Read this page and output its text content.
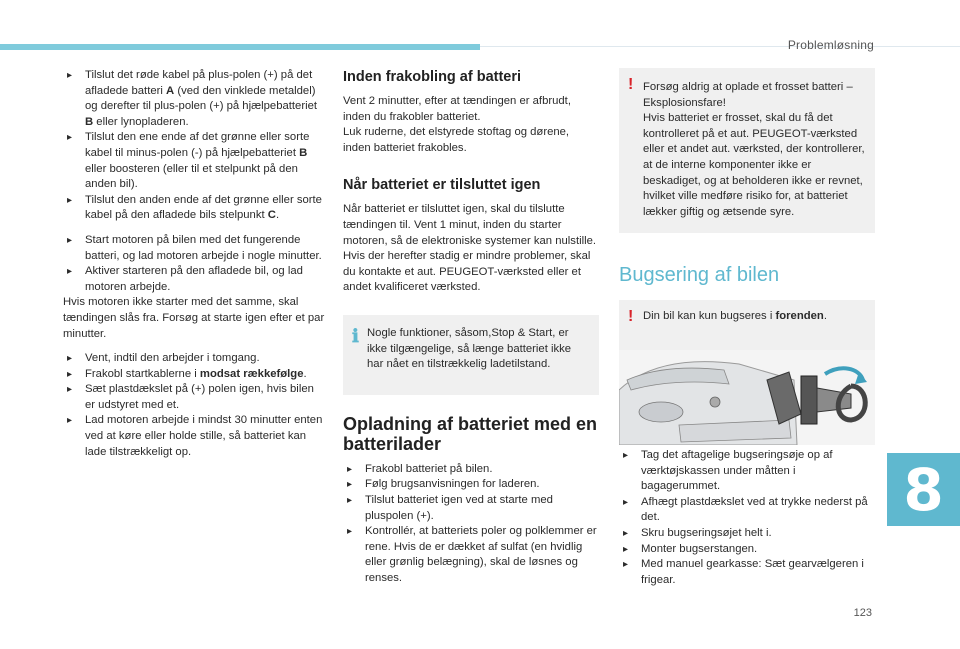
Problemløsning
▸ Tilslut det røde kabel på plus-polen (+) på det afladede batteri A (ved den vinklede metaldel) og derefter til plus-polen (+) på hjælpebatteriet B eller lynopladeren.
▸ Tilslut den ene ende af det grønne eller sorte kabel til minus-polen (-) på hjælpebatteriet B eller boosteren (eller til et stelpunkt på den anden bil).
▸ Tilslut den anden ende af det grønne eller sorte kabel på den afladede bils stelpunkt C.
▸ Start motoren på bilen med det fungerende batteri, og lad motoren arbejde i nogle minutter.
▸ Aktiver starteren på den afladede bil, og lad motoren arbejde.

Hvis motoren ikke starter med det samme, skal tændingen slås fra. Forsøg at starte igen efter et par minutter.

▸ Vent, indtil den arbejder i tomgang.
▸ Frakobl startkablerne i modsat rækkefølge.
▸ Sæt plastdækslet på (+) polen igen, hvis bilen er udstyret med et.
▸ Lad motoren arbejde i mindst 30 minutter enten ved at køre eller holde stille, så batteriet kan lade tilstrækkeligt op.
Inden frakobling af batteri

Vent 2 minutter, efter at tændingen er afbrudt, inden du frakobler batteriet.

Luk ruderne, det elstyrede stoftag og dørene, inden batteriet frakobles.

Når batteriet er tilsluttet igen

Når batteriet er tilsluttet igen, skal du tilslutte tændingen til. Vent 1 minut, inden du starter motoren, så de elektroniske systemer kan nulstille. Hvis der herefter stadig er mindre problemer, skal du kontakte et aut. PEUGEOT-værksted eller et andet kvalificeret værksted.

ℹ Nogle funktioner, såsom,Stop & Start, er ikke tilgængelige, så længe batteriet ikke har nået en tilstrækkelig ladetilstand.

Opladning af batteriet med en batterilader
▸ Frakobl batteriet på bilen.
▸ Følg brugsanvisningen for laderen.
▸ Tilslut batteriet igen ved at starte med pluspolen (+).
▸ Kontrollér, at batteriets poler og polklemmer er rene. Hvis de er dækket af sulfat (en hvidlig eller grønlig belægning), skal de løsnes og renses.
! Forsøg aldrig at oplade et frosset batteri – Eksplosionsfare!

Hvis batteriet er frosset, skal du få det kontrolleret på et aut. PEUGEOT-værksted eller et andet aut. værksted, der kontrollerer, at de interne komponenter ikke er beskadiget, og at beholderen ikke er revnet, hvilket ville medføre risiko for, at batteriet lækker giftig og ætsende syre.

Bugsering af bilen
! Din bil kan kun bugseres i forenden.

▸ Tag det aftagelige bugseringsøje op af værktøjskassen under måtten i bagagerummet.
▸ Afhægt plastdækslet ved at trykke nederst på det.
▸ Skru bugseringsøjet helt i.
▸ Monter bugserstangen.
▸ Med manuel gearkasse: Sæt gearvælgeren i frigear.
8
123
